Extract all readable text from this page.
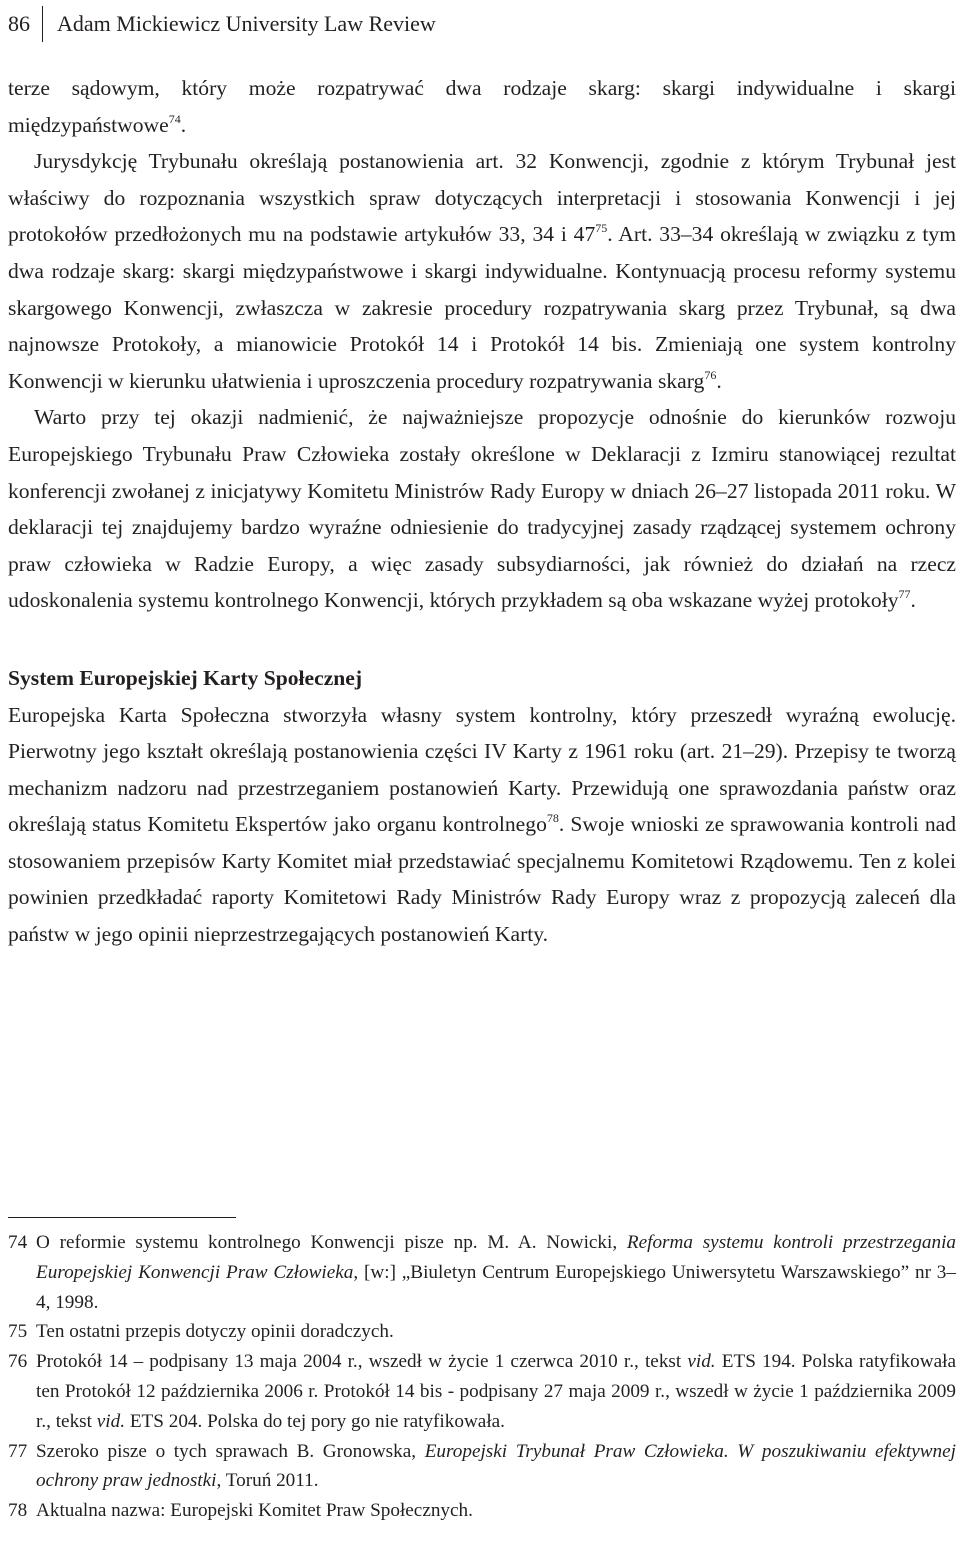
86	Adam Mickiewicz University Law Review

terze sądowym, który może rozpatrywać dwa rodzaje skarg: skargi indywidualne i skargi międzypaństwowe$^{74}$.

Jurysdykcję Trybunału określają postanowienia art. 32 Konwencji, zgodnie z którym Trybunał jest właściwy do rozpoznania wszystkich spraw dotyczących interpretacji i stosowania Konwencji i jej protokołów przedłożonych mu na podstawie artykułów 33, 34 i $47^{75}$. Art. 33–34 określają w związku z tym dwa rodzaje skarg: skargi międzypaństwowe i skargi indywidualne. Kontynuacją procesu reformy systemu skargowego Konwencji, zwłaszcza w zakresie procedury rozpatrywania skarg przez Trybunał, są dwa najnowsze Protokoły, a mianowicie Protokół 14 i Protokół 14 bis. Zmieniają one system kontrolny Konwencji w kierunku ułatwienia i uproszczenia procedury rozpatrywania skarg$^{76}$.

Warto przy tej okazji nadmienić, że najważniejsze propozycje odnośnie do kierunków rozwoju Europejskiego Trybunału Praw Człowieka zostały określone w Deklaracji z Izmiru stanowiącej rezultat konferencji zwołanej z inicjatywy Komitetu Ministrów Rady Europy w dniach 26–27 listopada 2011 roku. W deklaracji tej znajdujemy bardzo wyraźne odniesienie do tradycyjnej zasady rządzącej systemem ochrony praw człowieka w Radzie Europy, a więc zasady subsydiarności, jak również do działań na rzecz udoskonalenia systemu kontrolnego Konwencji, których przykładem są oba wskazane wyżej protokoły$^{77}$.

System Europejskiej Karty Społecznej

Europejska Karta Społeczna stworzyła własny system kontrolny, który przeszedł wyraźną ewolucję. Pierwotny jego kształt określają postanowienia części IV Karty z 1961 roku (art. 21–29). Przepisy te tworzą mechanizm nadzoru nad przestrzeganiem postanowień Karty. Przewidują one sprawozdania państw oraz określają status Komitetu Ekspertów jako organu kontrolnego$^{78}$. Swoje wnioski ze sprawowania kontroli nad stosowaniem przepisów Karty Komitet miał przedstawiać specjalnemu Komitetowi Rządowemu. Ten z kolei powinien przedkładać raporty Komitetowi Rady Ministrów Rady Europy wraz z propozycją zaleceń dla państw w jego opinii nieprzestrzegających postanowień Karty.

74 O reformie systemu kontrolnego Konwencji pisze np. M. A. Nowicki, Reforma systemu kontroli przestrzegania Europejskiej Konwencji Praw Człowieka, [w:] „Biuletyn Centrum Europejskiego Uniwersytetu Warszawskiego” nr 3–4, 1998.
75 Ten ostatni przepis dotyczy opinii doradczych.
76 Protokół 14 – podpisany 13 maja 2004 r., wszedł w życie 1 czerwca 2010 r., tekst vid. ETS 194. Polska ratyfikowała ten Protokół 12 października 2006 r. Protokół 14 bis - podpisany 27 maja 2009 r., wszedł w życie 1 października 2009 r., tekst vid. ETS 204. Polska do tej pory go nie ratyfikowała.
77 Szeroko pisze o tych sprawach B. Gronowska, Europejski Trybunał Praw Człowieka. W poszukiwaniu efektywnej ochrony praw jednostki, Toruń 2011.
78 Aktualna nazwa: Europejski Komitet Praw Społecznych.
